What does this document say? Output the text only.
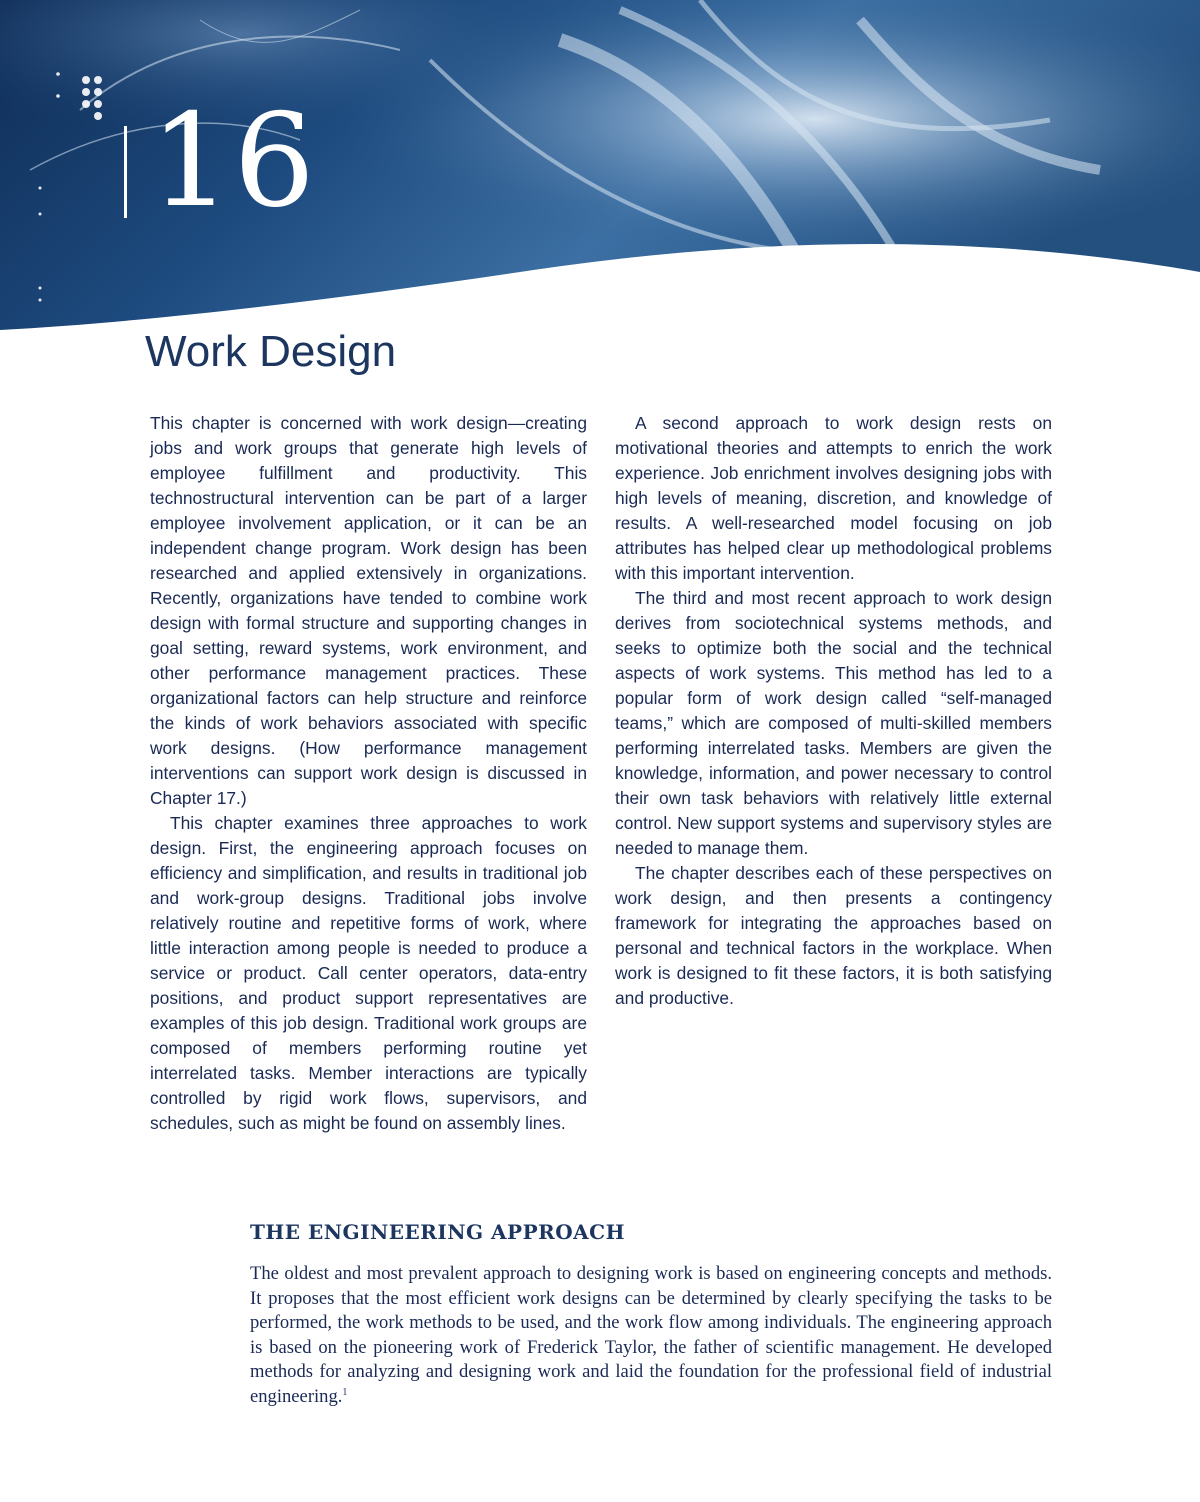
16
Work Design

This chapter is concerned with work design—creating jobs and work groups that generate high levels of employee fulfillment and productivity. This technostructural intervention can be part of a larger employee involvement application, or it can be an independent change program. Work design has been researched and applied extensively in organizations. Recently, organizations have tended to combine work design with formal structure and supporting changes in goal setting, reward systems, work environment, and other performance management practices. These organizational factors can help structure and reinforce the kinds of work behaviors associated with specific work designs. (How performance management interventions can support work design is discussed in Chapter 17.)

This chapter examines three approaches to work design. First, the engineering approach focuses on efficiency and simplification, and results in traditional job and work-group designs. Traditional jobs involve relatively routine and repetitive forms of work, where little interaction among people is needed to produce a service or product. Call center operators, data-entry positions, and product support representatives are examples of this job design. Traditional work groups are composed of members performing routine yet interrelated tasks. Member interactions are typically controlled by rigid work flows, supervisors, and schedules, such as might be found on assembly lines.

A second approach to work design rests on motivational theories and attempts to enrich the work experience. Job enrichment involves designing jobs with high levels of meaning, discretion, and knowledge of results. A well-researched model focusing on job attributes has helped clear up methodological problems with this important intervention.

The third and most recent approach to work design derives from sociotechnical systems methods, and seeks to optimize both the social and the technical aspects of work systems. This method has led to a popular form of work design called “self-managed teams,” which are composed of multi-skilled members performing interrelated tasks. Members are given the knowledge, information, and power necessary to control their own task behaviors with relatively little external control. New support systems and supervisory styles are needed to manage them.

The chapter describes each of these perspectives on work design, and then presents a contingency framework for integrating the approaches based on personal and technical factors in the workplace. When work is designed to fit these factors, it is both satisfying and productive.

THE ENGINEERING APPROACH

The oldest and most prevalent approach to designing work is based on engineering concepts and methods. It proposes that the most efficient work designs can be determined by clearly specifying the tasks to be performed, the work methods to be used, and the work flow among individuals. The engineering approach is based on the pioneering work of Frederick Taylor, the father of scientific management. He developed methods for analyzing and designing work and laid the foundation for the professional field of industrial engineering.$^1$
